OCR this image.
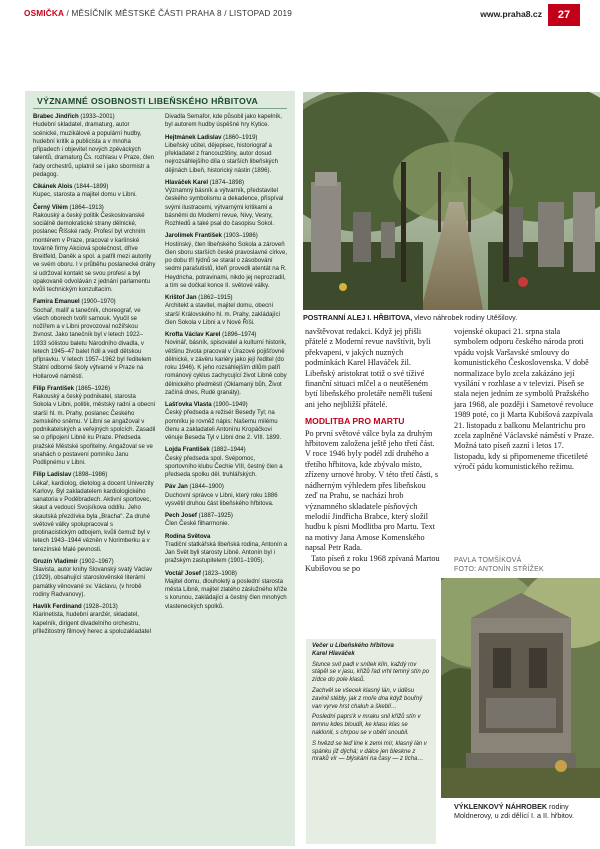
OSMIČKA / MĚSÍČNÍK MĚSTSKÉ ČÁSTI PRAHA 8 / LISTOPAD 2019	www.praha8.cz	27
VÝZNAMNÉ OSOBNOSTI LIBEŇSKÉHO HŘBITOVA
Brabec Jindřich (1933–2001)
Hudební skladatel, dramaturg, autor scénické, muzikálové a populární hudby, hudební kritik a publicista a v mnoha případech i objevitel nových zpěváckých talentů, dramaturg Čs. rozhlasu v Praze, člen řady orchestrů, uplatnil se i jako sbormistr a pedagog.
Cikánek Alois (1844–1899)
Kupec, starosta a majitel domu v Libni.
Černý Vilém (1864–1913)
Rakouský a český politik Českoslovanské sociálně demokratické strany dělnické, poslanec Říšské rady. Profesí byl vrchním montérem v Praze, pracoval v karlínské továrně firmy Akciová společnost, dříve Breitfeld, Daněk a spol. a patřil mezi autority ve svém oboru. I v průběhu poslanecké dráhy si udržoval kontakt se svou profesí a byl opakovaně odvoláván z jednání parlamentu kvůli technickým konzultacím.
Famira Emanuel (1900–1970)
Sochař, malíř a tanečník, choreograf, ve všech oborech tvořil samouk. Vyučil se nožířem a v Libni provozoval nožířskou živnost. Jako tanečník byl v letech 1922–1933 sólistou baletu Národního divadla, v letech 1945–47 balet řídil a vedl dětskou přípravku. V letech 1957–1962 byl ředitelem Státní odborné školy výtvarné v Praze na Hollarově náměstí.
Filip František (1865–1926)
Rakouský a český podnikatel, starosta Sokola v Libni, politik, městský radní a obecní starší hl. m. Prahy, poslanec Českého zemského sněmu. V Libni se angažoval v podnikatelských a veřejných spolcích. Zasadil se o připojení Libně ku Praze. Předseda pražské Městské spořitelny. Angažoval se ve snahách o postavení pomníku Janu Podlipnému v Libni.
Filip Ladislav (1898–1986)
Lékař, kardiolog, dietolog a docent Univerzity Karlovy. Byl zakladatelem kardiologického sanatoria v Poděbradech. Aktivní sportovec, skaut a vedoucí Svojsíkova oddílu. Jeho skautská přezdívka byla „Bracha“. Za druhé světové války spolupracoval s protinacistickým odbojem, kvůli čemuž byl v letech 1943–1944 vězněn v Norimberku a v terezínské Malé pevnosti.
Gruzín Vladimír (1902–1967)
Slavista, autor knihy Slovanský svatý Václav (1929), obsahující staroslověnské literární památky věnované sv. Václavu, (v hrobě rodiny Radvanovy).
Havlík Ferdinand (1928–2013)
Klarinetista, hudební aranžér, skladatel, kapelník, dirigent divadelního orchestru, příležitostný filmový herec a spoluzakladatel
Divadla Semafor, kde působil jako kapelník, byl autorem hudby úspěšné hry Kytice.
Hejtmánek Ladislav (1860–1919)
Libeňský učitel, dějepisec, historiograf a překladatel z francouzštiny, autor dosud nejrozsáhlejšího díla o starších libeňských dějinách Libeň, historický nástin (1896).
Hlaváček Karel (1874–1898)
Významný básník a výtvarník, představitel českého symbolismu a dekadence, přispíval svými ilustracemi, výtvarnými kritikami a básněmi do Moderní revue, Nivy, Vesny, Rozhledů a také psal do časopisu Sokol.
Jarolímek František (1903–1986)
Hostinský, člen libeňského Sokola a zároveň člen sboru starších české pravoslavné církve, po dobu tří týdnů se staral o zásobování sedmi parašutistů, kteří provedli atentát na R. Heydricha, potravinami, nikdo jej neprozradil, a tím se dočkal konce II. světové války.
Krištof Jan (1862–1915)
Architekt a stavitel, majitel domu, obecní starší Královského hl. m. Prahy, zakládající člen Sokola v Libni a v Nové Říši.
Krofta Václav Karel (1896–1974)
Novinář, básník, spisovatel a kulturní historik, většinu života pracoval v Úrazové pojišťovně dělnické, v závěru kariéry jako její ředitel (do roku 1946). K jeho rozsáhlejším dílům patří románový cyklus zachycující život Libně coby dělnického předměstí (Oklamaný bůh, Život začíná dnes, Rudé granáty).
Lašťovka Vlasta (1900–1949)
Český předseda a režisér Besedy Tyl; na pomníku je rovněž nápis: Našemu milému členu a zakladateli Antonínu Kropáčkovi věnuje Beseda Tyl v Libni dne 2. VIII. 1899.
Lojda František (1882–1944)
Český předseda spol. Svépomoc, sportovního klubu Čechie VIII, čestný člen a předseda spolku děl. truhlářských.
Páv Jan (1844–1900)
Duchovní správce v Libni, který roku 1886 vysvětil druhou část libeňského hřbitova.
Pech Josef (1887–1925)
Člen České filharmonie.
Rodina Světova
Tradiční statkářská libeňská rodina, Antonín a Jan Svět byli starosty Libně. Antonín byl i pražským zastupitelem (1901–1905).
Voctář Josef (1823–1908)
Majitel domu, dlouholetý a poslední starosta města Libně, majitel zlatého záslužného kříže s korunou, zakládající a čestný člen mnohých vlasteneckých spolků.
POSTRANNÍ ALEJ I. HŘBITOVA, vlevo náhrobek rodiny Utěšilovy.

navštěvovat redakci. Když jej přišli přátelé z Moderní revue navštívit, byli překvapeni, v jakých nuzných podmínkách Karel Hlaváček žil. Libeňský aristokrat totiž o své tíživé finanční situaci mlčel a o neutěšeném bytí libeňského proletáře neměli tušení ani jeho nejbližší přátelé.

MODLITBA PRO MARTU

Po první světové válce byla za druhým hřbitovem založena ještě jeho třetí část. V roce 1946 byly podél zdí druhého a třetího hřbitova, kde zbývalo místo, zřízeny urnové hroby. V této třetí části, s nádherným výhledem přes libeňskou zeď na Prahu, se nachází hrob významného skladatele písňových melodií Jindřicha Brabce, který složil hudbu k písni Modlitba pro Martu. Text na motivy Jana Amose Komenského napsal Petr Rada.

Tato píseň z roku 1968 zpívaná Martou Kubišovou se po

Večer u Libeňského hřbitova
Karel Hlaváček
Slunce svit padl v snítek klín, každý rov stápěl se v jasu, křížů řad vrhl temný stín po zídce do pole klasů.
Zachvěl se všecek klasný lán, v úděsu zavinil stébly, jak z moře dna když bouřný van vyrve hrst chaluh a škeblí…
Poslední paprs'k v mraku snil křížů stín v temnu kdes bloudil, ke klasu klas se naklonil, s chrpou se v obětí snoubil.
S hvězd se teď line k zemi mír, klasný lán v spánku již dýchá; v dálce jen bleskne z mraků vír — blýskání na časy — z ticha…

vojenské okupaci 21. srpna stala symbolem odporu českého národa proti vpádu vojsk Varšavské smlouvy do komunistického Československa. V době normalizace bylo zcela zakázáno její vysílání v rozhlase a v televizi. Píseň se stala nejen jedním ze symbolů Pražského jara 1968, ale později i Sametové revoluce 1989 poté, co ji Marta Kubišová zazpívala 21. listopadu z balkonu Melantrichu pro zcela zaplněné Václavské náměstí v Praze. Možná tato píseň zazní i letos 17. listopadu, kdy si připomeneme třicetileté výročí pádu komunistického režimu.

PAVLA TOMŠÍKOVÁ
FOTO: ANTONÍN STŘÍŽEK
VÝKLENKOVÝ NÁHROBEK rodiny Moldnerovy, u zdi dělící I. a II. hřbitov.
